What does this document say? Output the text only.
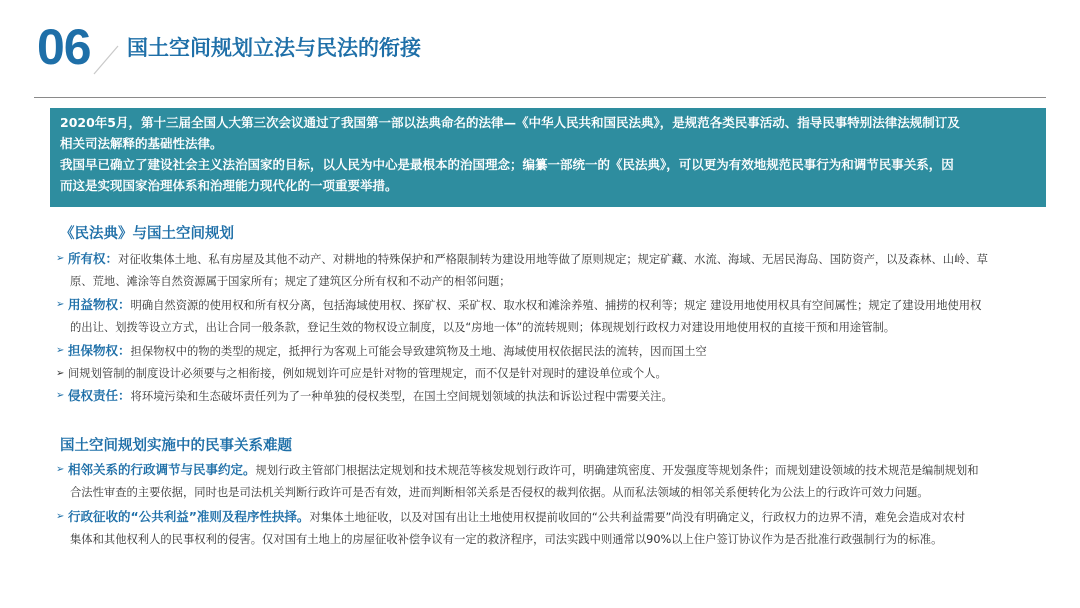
06 国土空间规划立法与民法的衔接

2020年5月，第十三届全国人大第三次会议通过了我国第一部以法典命名的法律—《中华人民共和国民法典》，是规范各类民事活动、指导民事特别法律法规制订及

相关司法解释的基础性法律。

我国早已确立了建设社会主义法治国家的目标，以人民为中心是最根本的治国理念；编纂一部统一的《民法典》，可以更为有效地规范民事行为和调节民事关系，因

而这是实现国家治理体系和治理能力现代化的一项重要举措。

《民法典》与国土空间规划
➢ 所有权：对征收集体土地、私有房屋及其他不动产、对耕地的特殊保护和严格限制转为建设用地等做了原则规定；规定矿藏、水流、海域、无居民海岛、国防资产，以及森林、山岭、草
原、荒地、滩涂等自然资源属于国家所有；规定了建筑区分所有权和不动产的相邻问题；
➢ 用益物权：明确自然资源的使用权和所有权分离，包括海域使用权、探矿权、采矿权、取水权和滩涂养殖、捕捞的权利等；规定 建设用地使用权具有空间属性；规定了建设用地使用权
的出让、划拨等设立方式，出让合同一般条款，登记生效的物权设立制度，以及“房地一体”的流转规则；体现规划行政权力对建设用地使用权的直接干预和用途管制。
➢ 担保物权：担保物权中的物的类型的规定，抵押行为客观上可能会导致建筑物及土地、海域使用权依据民法的流转，因而国土空
➢ 间规划管制的制度设计必须要与之相衔接，例如规划许可应是针对物的管理规定，而不仅是针对现时的建设单位或个人。
➢ 侵权责任：将环境污染和生态破坏责任列为了一种单独的侵权类型，在国土空间规划领域的执法和诉讼过程中需要关注。
国土空间规划实施中的民事关系难题
➢ 相邻关系的行政调节与民事约定。规划行政主管部门根据法定规划和技术规范等核发规划行政许可，明确建筑密度、开发强度等规划条件；而规划建设领域的技术规范是编制规划和
合法性审查的主要依据，同时也是司法机关判断行政许可是否有效，进而判断相邻关系是否侵权的裁判依据。从而私法领域的相邻关系便转化为公法上的行政许可效力问题。
➢ 行政征收的“公共利益”准则及程序性抉择。对集体土地征收，以及对国有出让土地使用权提前收回的“公共利益需要”尚没有明确定义，行政权力的边界不清，难免会造成对农村
集体和其他权利人的民事权利的侵害。仅对国有土地上的房屋征收补偿争议有一定的救济程序，司法实践中则通常以90%以上住户签订协议作为是否批准行政强制行为的标准。
